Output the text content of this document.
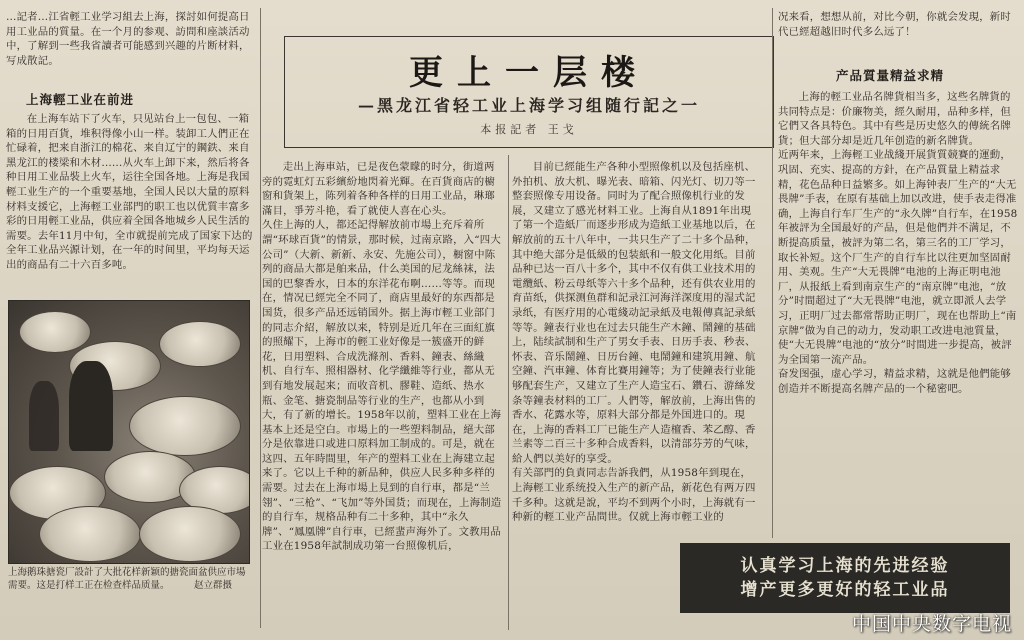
…記者…江省輕工业学习組去上海，探討如何提高日用工业品的質量。在一个月的参观、訪問和座談活动中，了解到一些我省讀者可能感到兴趣的片断材料，写成散記。

上海輕工业在前进

在上海车站下了火车，只见站台上一包包、一箱箱的日用百貨，堆积得像小山一样。装卸工人們正在忙碌着，把来自浙江的棉花、来自辽宁的鋼鉄、来自黑龙江的楼梁和木材……从火车上卸下来，然后将各种日用工业品裝上火车，运往全国各地。上海是我国輕工业生产的一个重要基地，全国人民以大量的原料材料支援它，上海輕工业部門的职工也以优質丰富多彩的日用輕工业品，供应着全国各地城乡人民生活的需要。去年11月中旬，全市就提前完成了国家下达的全年工业品兴源计划，在一年的时间里，平均每天运出的商品有二十六百多吨。

上海鹅珠搪瓷厂設計了大批花样新颖的搪瓷面盆供应市場需要。这是打样工正在检查样品质量。	赵立群摄
更上一层楼
—黑龙江省轻工业上海学习组随行記之一
本报記者 王戈

走出上海車站，已是夜色蒙矇的时分，街道两旁的霓虹灯五彩繽紛地閃着光輝。在百貨商店的櫥窗和貨架上，陈列着各种各样的日用工业品，琳瑯滿目，爭芳斗艳，看了就使人喜在心头。
久住上海的人，都还記得解放前市場上充斥着所謂“环球百貨”的情景，那时候，过南京路，入“四大公司”（大新、新新、永安、先施公司），橱窗中陈列的商品大都是舶来品，什么美国的尼龙絲袜，法国的巴黎香水，日本的东洋花布啊……等等。而现在，情况已經完全不同了，商店里最好的东西都是国货，很多产品还远销国外。据上海市輕工业部门的同志介紹，解放以来，特别是近几年在三面紅旗的照耀下，上海市的輕工业好像是一簇盛开的鲜花，日用塑料、合成洗滌剂、香料、鐘表、絲織机、自行车、照相器材、化学纖維等行业，都从无到有地发展起来；而收音机、膠鞋、造纸、热水瓶、金笔、搪瓷制品等行业的生产，也都从小到大，有了新的增长。1958年以前，塑料工业在上海基本上还是空白。市場上的一些塑料制品，絕大部分是依靠进口或进口原料加工制成的。可是，就在这四、五年時間里，年产的塑料工业在上海建立起来了。它以上千种的新品种，供应人民多种多样的需要。过去在上海市場上見到的自行車，都是“兰翎”、“三枪”、“飞加”等外国货；而现在，上海制造的自行车，规格品种有二十多种，其中“永久牌”、“鳳凰牌”自行車，已經蜚声海外了。文教用品工业在1958年試制成功第一台照像机后，

目前已經能生产各种小型照像机以及包括座机、外拍机、放大机、曝光表、暗箱、闪光灯、切刀等一整套照像专用设备。同时为了配合照像机行业的发展，又建立了感光材料工业。上海自从1891年出現了第一个造紙厂而逐步形成为造紙工业基地以后，在解放前的五十八年中，一共只生产了二十多个品种，其中绝大部分是低級的包装紙和一般文化用纸。目前品种已达一百八十多个，其中不仅有供工业技术用的電纜紙、粉云母纸等六十多个品种，还有供农业用的育苗纸，供探测鱼群和記录江河海洋深度用的湿式記录纸，有医疗用的心電綫动記录紙及电報傳真記录紙等等。鐘表行业也在过去只能生产木鐘、鬧鐘的基础上，陆续試制和生产了男女手表、日历手表、秒表、怀表、音乐鬧鐘、日历台鐘、电鬧鐘和建筑用鐘、航空鐘、汽車鐘、体育比賽用鐘等；为了使鐘表行业能够配套生产，又建立了生产人造宝石、鑽石、游絲发条等鐘表材料的工厂。人們等，解放前，上海出售的香水、花露水等，原料大部分都是外国进口的。現在，上海的香料工厂已能生产人造檀香、苯乙醇、香兰素等二百三十多种合成香料，以清部芬芳的气味，給人們以美好的享受。
有关部門的負責同志告訴我們，从1958年到現在，上海輕工业系统投入生产的新产品，新花色有两万四千多种。这就是說，平均不到两个小时，上海就有一种新的輕工业产品問世。仅就上海市輕工业的

况来看，想想从前，对比今朝，你就会发現，新时代已經超越旧时代多么远了！

产品質量精益求精

上海的輕工业品名牌貨相当多，这些名牌貨的共同特点是：价廉物美，經久耐用，品种多样，但它們又各具特色。其中有些是历史悠久的傳統名牌貨；但大部分却是近几年创造的新名牌貨。
近两年来，上海輕工业战綫开展貨質競賽的運動，巩固、充实、提高的方針，在产品質量上精益求精，花色品种日益繁多。如上海钟表厂生产的“大无畏牌”手表，在原有基础上加以改进，使手表走得准确，上海自行车厂生产的“永久牌”自行车，在1958年被評为全国最好的产品，但是他們并不满足，不断提高质量，被評为第二名，第三名的工厂学习，取长补短。这个厂生产的自行车比以往更加坚固耐用、美观。生产“大无畏牌”电池的上海正明电池厂，从报紙上看到南京生产的“南京牌”电池，“放分”时間超过了“大无畏牌”电池，就立即派人去学习，正明厂过去都常帮助正明厂，现在也帮助上“南京牌”做为自己的动力，发动职工改进电池質量，使“大无畏牌”电池的“放分”时間进一步提高，被評为全国第一流产品。
奋发图强，虚心学习，精益求精，这就是他們能够创造并不断提高名牌产品的一个秘密吧。

认真学习上海的先进经验
增产更多更好的轻工业品
中国中央数字电视
